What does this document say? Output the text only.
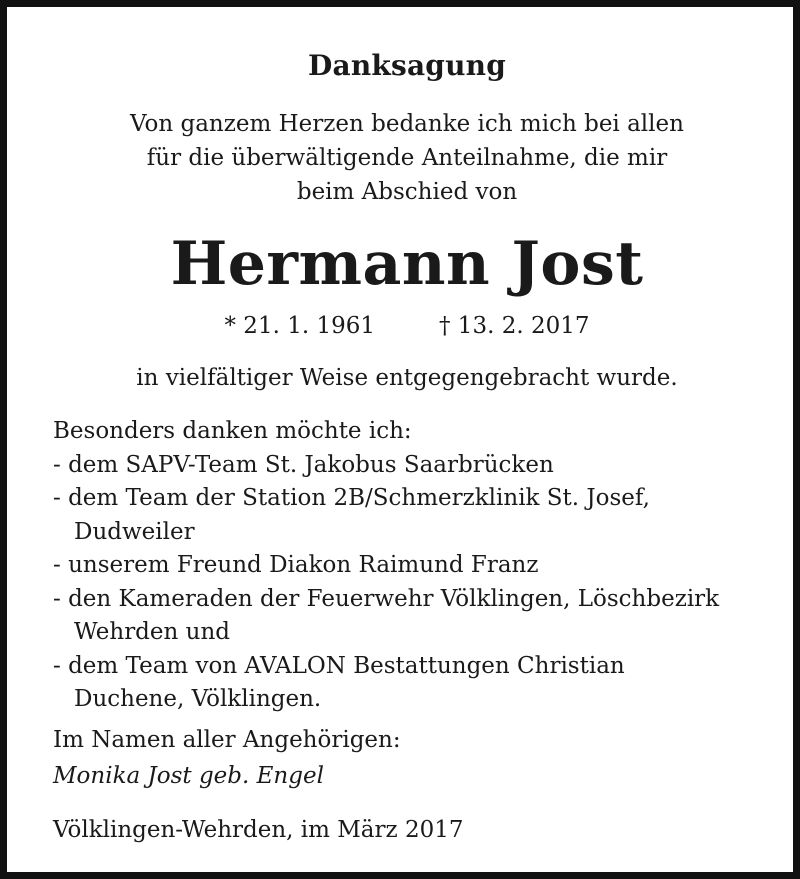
Danksagung
Von ganzem Herzen bedanke ich mich bei allen
für die überwältigende Anteilnahme, die mir
beim Abschied von
Hermann Jost
* 21. 1. 1961	† 13. 2. 2017
in vielfältiger Weise entgegengebracht wurde.
Besonders danken möchte ich:
- dem SAPV-Team St. Jakobus Saarbrücken
- dem Team der Station 2B/Schmerzklinik St. Josef,
Dudweiler
- unserem Freund Diakon Raimund Franz
- den Kameraden der Feuerwehr Völklingen, Löschbezirk
Wehrden und
- dem Team von AVALON Bestattungen Christian
Duchene, Völklingen.
Im Namen aller Angehörigen:
Monika Jost geb. Engel
Völklingen-Wehrden, im März 2017
